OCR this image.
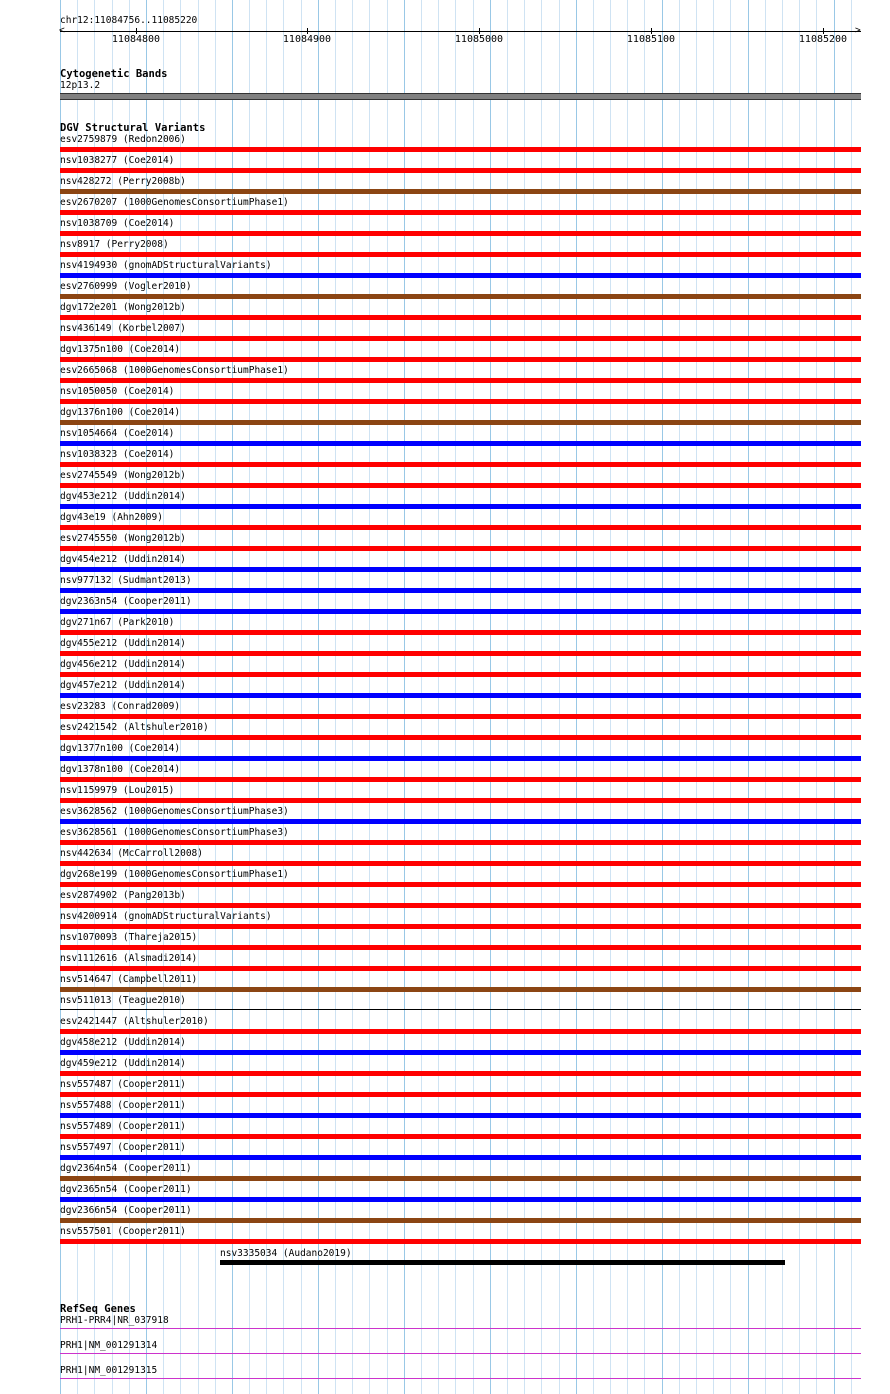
chr12:11084756..11085220
<	>
11084800	11084900	11085000	11085100	11085200
Cytogenetic Bands
12p13.2
DGV Structural Variants
esv2759879 (Redon2006)
nsv1038277 (Coe2014)
nsv428272 (Perry2008b)
esv2670207 (1000GenomesConsortiumPhase1)
nsv1038709 (Coe2014)
nsv8917 (Perry2008)
nsv4194930 (gnomADStructuralVariants)
esv2760999 (Vogler2010)
dgv172e201 (Wong2012b)
nsv436149 (Korbel2007)
dgv1375n100 (Coe2014)
esv2665068 (1000GenomesConsortiumPhase1)
nsv1050050 (Coe2014)
dgv1376n100 (Coe2014)
nsv1054664 (Coe2014)
nsv1038323 (Coe2014)
esv2745549 (Wong2012b)
dgv453e212 (Uddin2014)
dgv43e19 (Ahn2009)
esv2745550 (Wong2012b)
dgv454e212 (Uddin2014)
nsv977132 (Sudmant2013)
dgv2363n54 (Cooper2011)
dgv271n67 (Park2010)
dgv455e212 (Uddin2014)
dgv456e212 (Uddin2014)
dgv457e212 (Uddin2014)
esv23283 (Conrad2009)
esv2421542 (Altshuler2010)
dgv1377n100 (Coe2014)
dgv1378n100 (Coe2014)
nsv1159979 (Lou2015)
esv3628562 (1000GenomesConsortiumPhase3)
esv3628561 (1000GenomesConsortiumPhase3)
nsv442634 (McCarroll2008)
dgv268e199 (1000GenomesConsortiumPhase1)
esv2874902 (Pang2013b)
nsv4200914 (gnomADStructuralVariants)
nsv1070093 (Thareja2015)
nsv1112616 (Alsmadi2014)
nsv514647 (Campbell2011)
nsv511013 (Teague2010)
esv2421447 (Altshuler2010)
dgv458e212 (Uddin2014)
dgv459e212 (Uddin2014)
nsv557487 (Cooper2011)
nsv557488 (Cooper2011)
nsv557489 (Cooper2011)
nsv557497 (Cooper2011)
dgv2364n54 (Cooper2011)
dgv2365n54 (Cooper2011)
dgv2366n54 (Cooper2011)
nsv557501 (Cooper2011)
nsv3335034 (Audano2019)
RefSeq Genes
PRH1-PRR4|NR_037918
PRH1|NM_001291314
PRH1|NM_001291315
